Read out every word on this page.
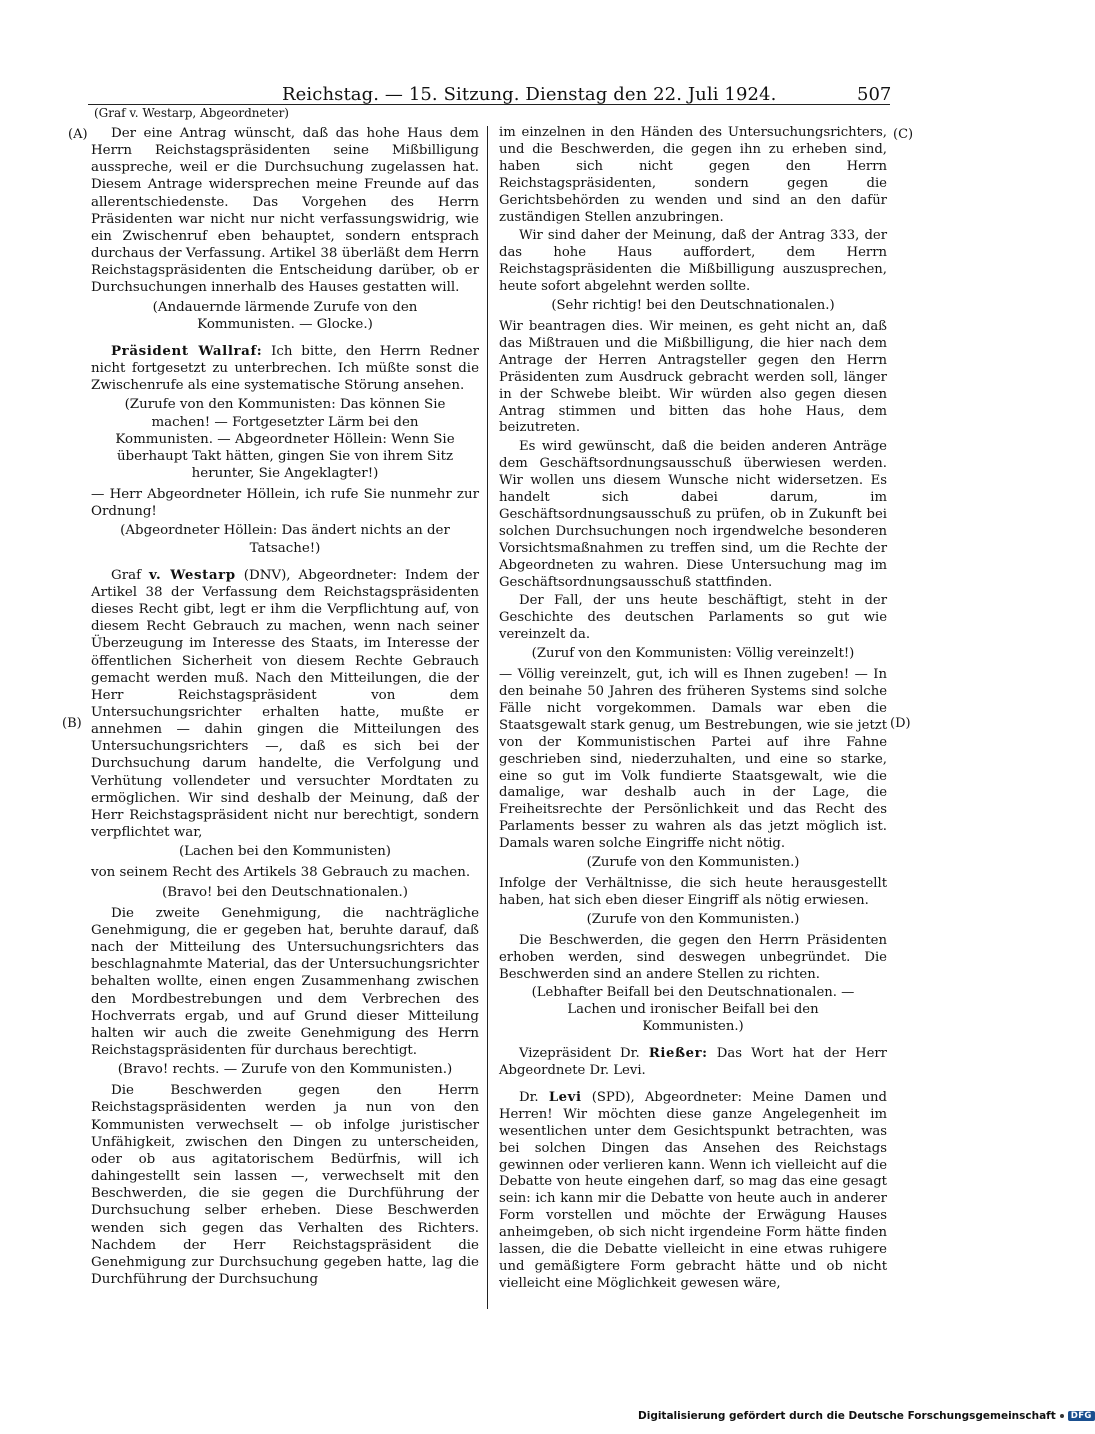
Reichstag. — 15. Sitzung. Dienstag den 22. Juli 1924.	507
(Graf v. Westarp, Abgeordneter)
(A)
(B)
(C)
(D)

Der eine Antrag wünscht, daß das hohe Haus dem Herrn Reichstagspräsidenten seine Mißbilligung ausspreche, weil er die Durchsuchung zugelassen hat. Diesem Antrage widersprechen meine Freunde auf das allerentschiedenste. Das Vorgehen des Herrn Präsidenten war nicht nur nicht verfassungswidrig, wie ein Zwischenruf eben behauptet, sondern entsprach durchaus der Verfassung. Artikel 38 überläßt dem Herrn Reichstagspräsidenten die Entscheidung darüber, ob er Durchsuchungen innerhalb des Hauses gestatten will.

(Andauernde lärmende Zurufe von den Kommunisten. — Glocke.)

Präsident Wallraf: Ich bitte, den Herrn Redner nicht fortgesetzt zu unterbrechen. Ich müßte sonst die Zwischenrufe als eine systematische Störung ansehen.

(Zurufe von den Kommunisten: Das können Sie machen! — Fortgesetzter Lärm bei den Kommunisten. — Abgeordneter Höllein: Wenn Sie überhaupt Takt hätten, gingen Sie von ihrem Sitz herunter, Sie Angeklagter!)

— Herr Abgeordneter Höllein, ich rufe Sie nunmehr zur Ordnung!

(Abgeordneter Höllein: Das ändert nichts an der Tatsache!)

Graf v. Westarp (DNV), Abgeordneter: Indem der Artikel 38 der Verfassung dem Reichstagspräsidenten dieses Recht gibt, legt er ihm die Verpflichtung auf, von diesem Recht Gebrauch zu machen, wenn nach seiner Überzeugung im Interesse des Staats, im Interesse der öffentlichen Sicherheit von diesem Rechte Gebrauch gemacht werden muß. Nach den Mitteilungen, die der Herr Reichstagspräsident von dem Untersuchungsrichter erhalten hatte, mußte er annehmen — dahin gingen die Mitteilungen des Untersuchungsrichters —, daß es sich bei der Durchsuchung darum handelte, die Verfolgung und Verhütung vollendeter und versuchter Mordtaten zu ermöglichen. Wir sind deshalb der Meinung, daß der Herr Reichstagspräsident nicht nur berechtigt, sondern verpflichtet war,

(Lachen bei den Kommunisten)

von seinem Recht des Artikels 38 Gebrauch zu machen.

(Bravo! bei den Deutschnationalen.)

Die zweite Genehmigung, die nachträgliche Genehmigung, die er gegeben hat, beruhte darauf, daß nach der Mitteilung des Untersuchungsrichters das beschlagnahmte Material, das der Untersuchungsrichter behalten wollte, einen engen Zusammenhang zwischen den Mordbestrebungen und dem Verbrechen des Hochverrats ergab, und auf Grund dieser Mitteilung halten wir auch die zweite Genehmigung des Herrn Reichstagspräsidenten für durchaus berechtigt.

(Bravo! rechts. — Zurufe von den Kommunisten.)

Die Beschwerden gegen den Herrn Reichstagspräsidenten werden ja nun von den Kommunisten verwechselt — ob infolge juristischer Unfähigkeit, zwischen den Dingen zu unterscheiden, oder ob aus agitatorischem Bedürfnis, will ich dahingestellt sein lassen —, verwechselt mit den Beschwerden, die sie gegen die Durchführung der Durchsuchung selber erheben. Diese Beschwerden wenden sich gegen das Verhalten des Richters. Nachdem der Herr Reichstagspräsident die Genehmigung zur Durchsuchung gegeben hatte, lag die Durchführung der Durchsuchung

im einzelnen in den Händen des Untersuchungsrichters, und die Beschwerden, die gegen ihn zu erheben sind, haben sich nicht gegen den Herrn Reichstagspräsidenten, sondern gegen die Gerichtsbehörden zu wenden und sind an den dafür zuständigen Stellen anzubringen.

Wir sind daher der Meinung, daß der Antrag 333, der das hohe Haus auffordert, dem Herrn Reichstagspräsidenten die Mißbilligung auszusprechen, heute sofort abgelehnt werden sollte.

(Sehr richtig! bei den Deutschnationalen.)

Wir beantragen dies. Wir meinen, es geht nicht an, daß das Mißtrauen und die Mißbilligung, die hier nach dem Antrage der Herren Antragsteller gegen den Herrn Präsidenten zum Ausdruck gebracht werden soll, länger in der Schwebe bleibt. Wir würden also gegen diesen Antrag stimmen und bitten das hohe Haus, dem beizutreten.

Es wird gewünscht, daß die beiden anderen Anträge dem Geschäftsordnungsausschuß überwiesen werden. Wir wollen uns diesem Wunsche nicht widersetzen. Es handelt sich dabei darum, im Geschäftsordnungsausschuß zu prüfen, ob in Zukunft bei solchen Durchsuchungen noch irgendwelche besonderen Vorsichtsmaßnahmen zu treffen sind, um die Rechte der Abgeordneten zu wahren. Diese Untersuchung mag im Geschäftsordnungsausschuß stattfinden.

Der Fall, der uns heute beschäftigt, steht in der Geschichte des deutschen Parlaments so gut wie vereinzelt da.

(Zuruf von den Kommunisten: Völlig vereinzelt!)

— Völlig vereinzelt, gut, ich will es Ihnen zugeben! — In den beinahe 50 Jahren des früheren Systems sind solche Fälle nicht vorgekommen. Damals war eben die Staatsgewalt stark genug, um Bestrebungen, wie sie jetzt von der Kommunistischen Partei auf ihre Fahne geschrieben sind, niederzuhalten, und eine so starke, eine so gut im Volk fundierte Staatsgewalt, wie die damalige, war deshalb auch in der Lage, die Freiheitsrechte der Persönlichkeit und das Recht des Parlaments besser zu wahren als das jetzt möglich ist. Damals waren solche Eingriffe nicht nötig.

(Zurufe von den Kommunisten.)

Infolge der Verhältnisse, die sich heute herausgestellt haben, hat sich eben dieser Eingriff als nötig erwiesen.

(Zurufe von den Kommunisten.)

Die Beschwerden, die gegen den Herrn Präsidenten erhoben werden, sind deswegen unbegründet. Die Beschwerden sind an andere Stellen zu richten.

(Lebhafter Beifall bei den Deutschnationalen. — Lachen und ironischer Beifall bei den Kommunisten.)

Vizepräsident Dr. Rießer: Das Wort hat der Herr Abgeordnete Dr. Levi.

Dr. Levi (SPD), Abgeordneter: Meine Damen und Herren! Wir möchten diese ganze Angelegenheit im wesentlichen unter dem Gesichtspunkt betrachten, was bei solchen Dingen das Ansehen des Reichstags gewinnen oder verlieren kann. Wenn ich vielleicht auf die Debatte von heute eingehen darf, so mag das eine gesagt sein: ich kann mir die Debatte von heute auch in anderer Form vorstellen und möchte der Erwägung Hauses anheimgeben, ob sich nicht irgendeine Form hätte finden lassen, die die Debatte vielleicht in eine etwas ruhigere und gemäßigtere Form gebracht hätte und ob nicht vielleicht eine Möglichkeit gewesen wäre,

Digitalisierung gefördert durch die Deutsche Forschungsgemeinschaft	DFG
